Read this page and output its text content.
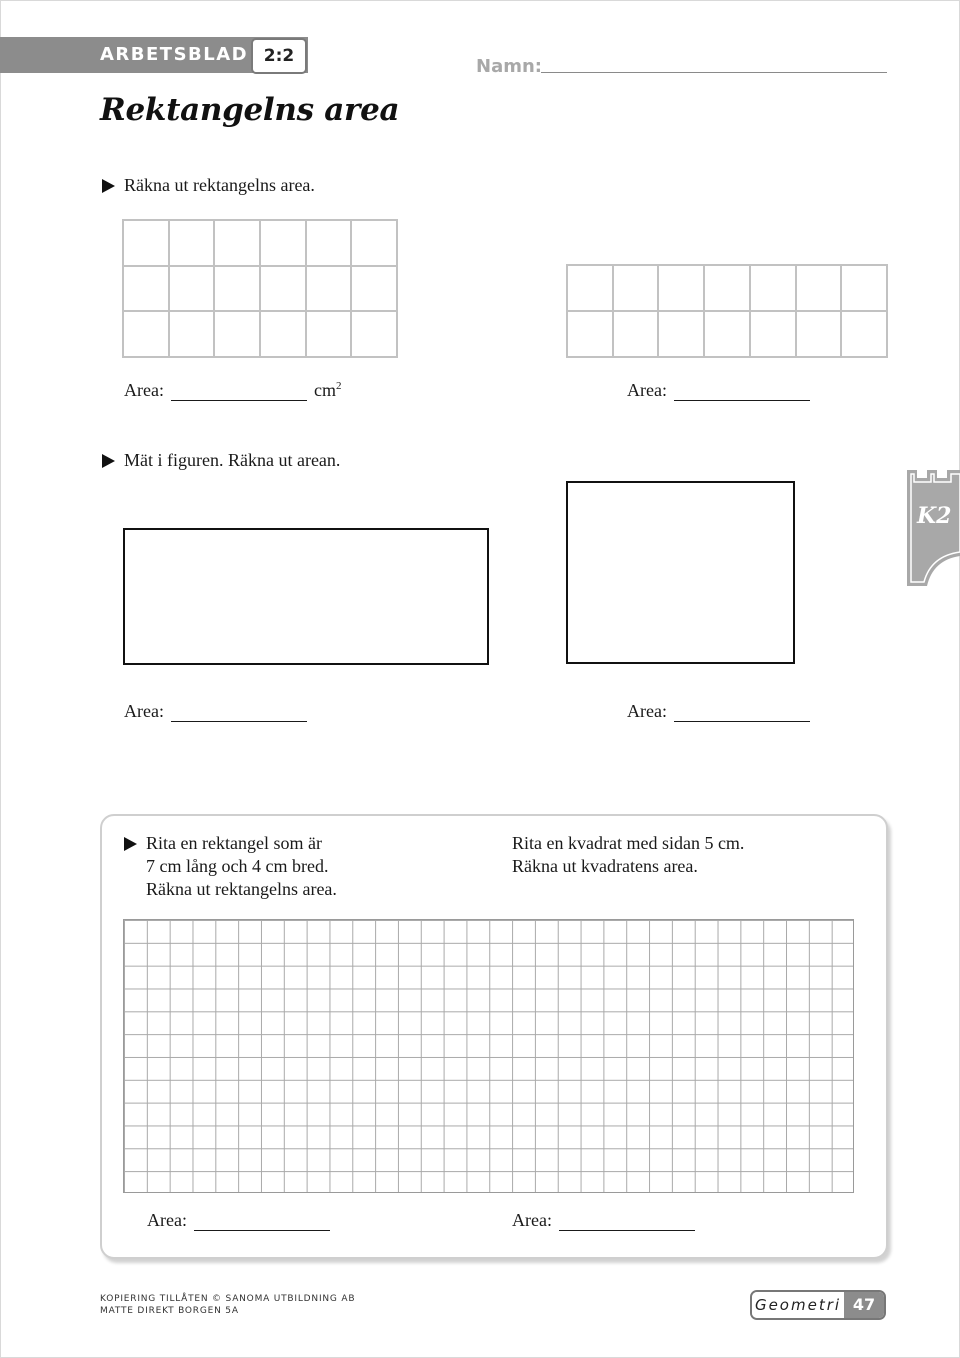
ARBETSBLAD 2:2	Namn:
Rektangelns area
Räkna ut rektangelns area.
Area:	$cm^2$	Area:
Mät i figuren. Räkna ut arean.
Area:	Area:
K2
Rita en rektangel som är
7 cm lång och 4 cm bred.
Räkna ut rektangelns area.
Rita en kvadrat med sidan 5 cm.
Räkna ut kvadratens area.
Area:	Area:
KOPIERING TILLÅTEN © SANOMA UTBILDNING AB
MATTE DIREKT BORGEN 5A	Geometri 47
